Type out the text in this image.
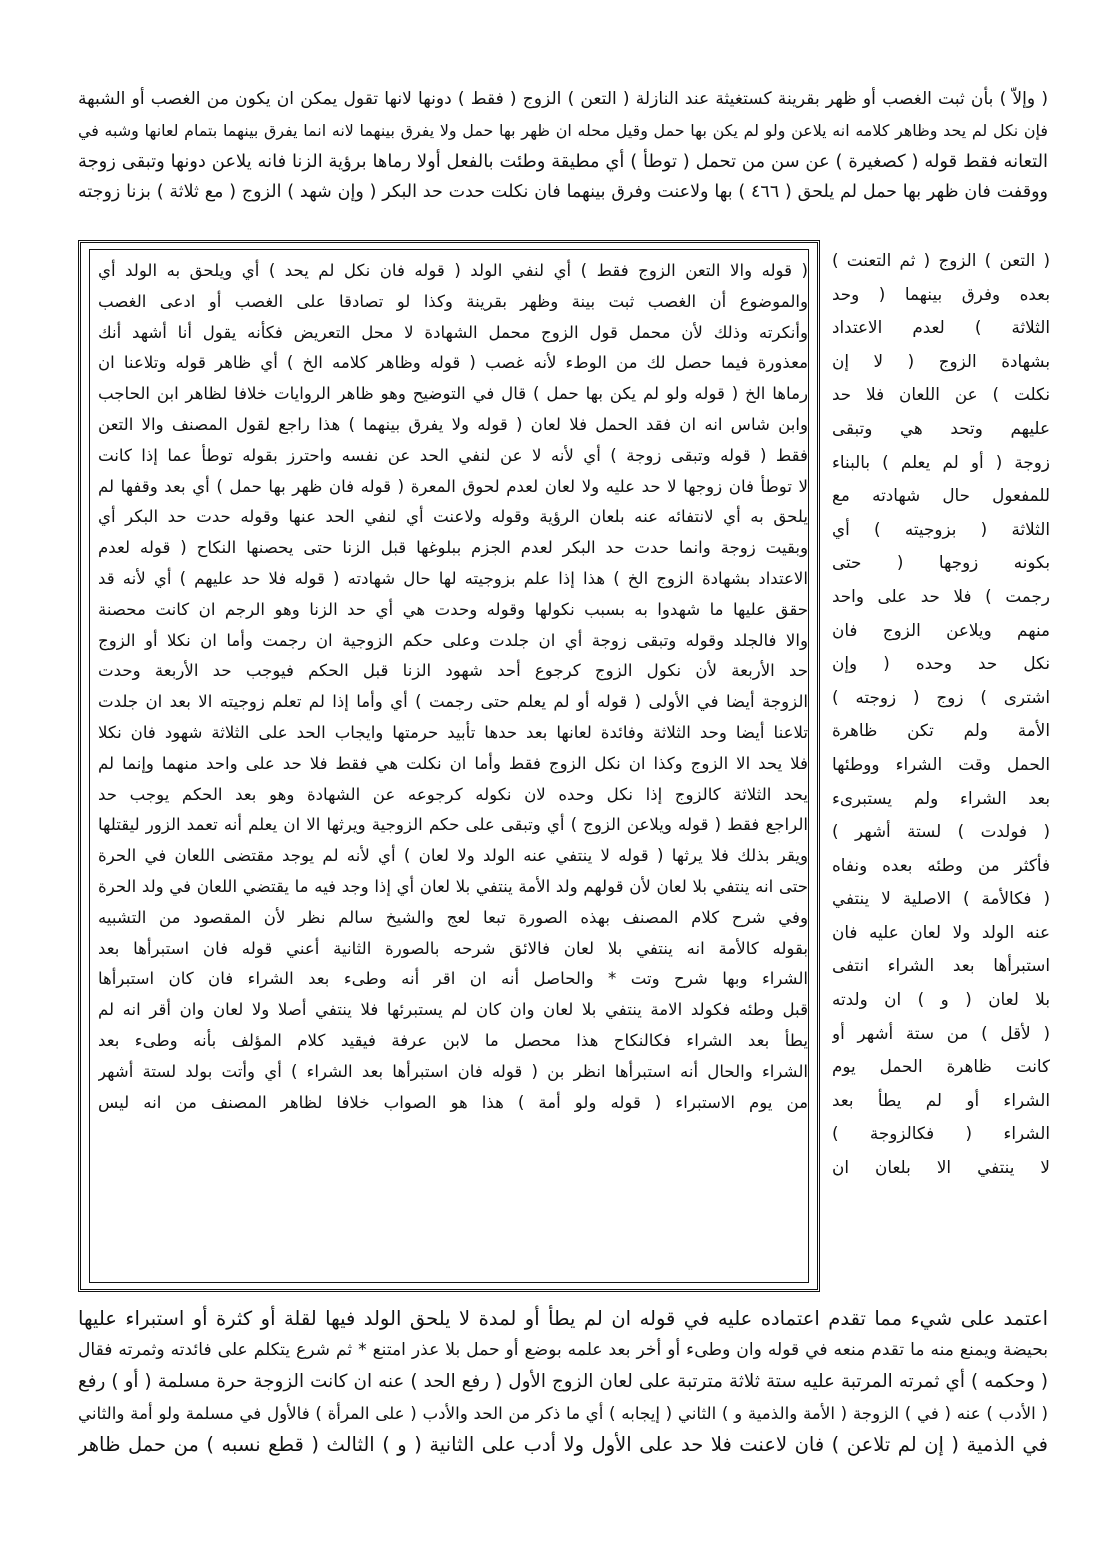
( وإلاّ ) بأن ثبت الغصب أو ظهر بقرينة كستغيثة عند النازلة ( التعن ) الزوج ( فقط ) دونها لانها تقول يمكن ان يكون من الغصب أو الشبهة
فإن نكل لم يحد وظاهر كلامه انه يلاعن ولو لم يكن بها حمل وقيل محله ان ظهر بها حمل ولا يفرق بينهما لانه انما يفرق بينهما بتمام لعانها وشبه في
التعانه فقط قوله ( كصغيرة ) عن سن من تحمل ( توطأ ) أي مطيقة وطئت بالفعل أولا رماها برؤية الزنا فانه يلاعن دونها وتبقى زوجة
ووقفت فان ظهر بها حمل لم يلحق ( ٤٦٦ ) بها ولاعنت وفرق بينهما فان نكلت حدت حد البكر ( وإن شهد ) الزوج ( مع ثلاثة ) بزنا زوجته
( قوله والا التعن الزوج فقط ) أي لنفي الولد ( قوله فان نكل لم يحد ) أي ويلحق به الولد أي
والموضوع أن الغصب ثبت بينة وظهر بقرينة وكذا لو تصادقا على الغصب أو ادعى الغصب
وأنكرته وذلك لأن محمل قول الزوج محمل الشهادة لا محل التعريض فكأنه يقول أنا أشهد أنك
معذورة فيما حصل لك من الوطء لأنه غصب ( قوله وظاهر كلامه الخ ) أي ظاهر قوله وتلاعنا ان
رماها الخ ( قوله ولو لم يكن بها حمل ) قال في التوضيح وهو ظاهر الروايات خلافا لظاهر ابن الحاجب
وابن شاس انه ان فقد الحمل فلا لعان ( قوله ولا يفرق بينهما ) هذا راجع لقول المصنف والا التعن
فقط ( قوله وتبقى زوجة ) أي لأنه لا عن لنفي الحد عن نفسه واحترز بقوله توطأ عما إذا كانت
لا توطأ فان زوجها لا حد عليه ولا لعان لعدم لحوق المعرة ( قوله فان ظهر بها حمل ) أي بعد وقفها لم
يلحق به أي لانتفائه عنه بلعان الرؤية وقوله ولاعنت أي لنفي الحد عنها وقوله حدت حد البكر أي
وبقيت زوجة وانما حدت حد البكر لعدم الجزم ببلوغها قبل الزنا حتى يحصنها النكاح ( قوله لعدم
الاعتداد بشهادة الزوج الخ ) هذا إذا علم بزوجيته لها حال شهادته ( قوله فلا حد عليهم ) أي لأنه قد
حقق عليها ما شهدوا به بسبب نكولها وقوله وحدت هي أي حد الزنا وهو الرجم ان كانت محصنة
والا فالجلد وقوله وتبقى زوجة أي ان جلدت وعلى حكم الزوجية ان رجمت وأما ان نكلا أو الزوج
حد الأربعة لأن نكول الزوج كرجوع أحد شهود الزنا قبل الحكم فيوجب حد الأربعة وحدت
الزوجة أيضا في الأولى ( قوله أو لم يعلم حتى رجمت ) أي وأما إذا لم تعلم زوجيته الا بعد ان جلدت
تلاعنا أيضا وحد الثلاثة وفائدة لعانها بعد حدها تأبيد حرمتها وايجاب الحد على الثلاثة شهود فان نكلا
فلا يحد الا الزوج وكذا ان نكل الزوج فقط وأما ان نكلت هي فقط فلا حد على واحد منهما وإنما لم
يحد الثلاثة كالزوج إذا نكل وحده لان نكوله كرجوعه عن الشهادة وهو بعد الحكم يوجب حد
الراجع فقط ( قوله ويلاعن الزوج ) أي وتبقى على حكم الزوجية ويرثها الا ان يعلم أنه تعمد الزور ليقتلها
ويقر بذلك فلا يرثها ( قوله لا ينتفي عنه الولد ولا لعان ) أي لأنه لم يوجد مقتضى اللعان في الحرة
حتى انه ينتفي بلا لعان لأن قولهم ولد الأمة ينتفي بلا لعان أي إذا وجد فيه ما يقتضي اللعان في ولد الحرة
وفي شرح كلام المصنف بهذه الصورة تبعا لعج والشيخ سالم نظر لأن المقصود من التشبيه
بقوله كالأمة انه ينتفي بلا لعان فالائق شرحه بالصورة الثانية أعني قوله فان استبرأها بعد
الشراء وبها شرح وتت * والحاصل أنه ان اقر أنه وطىء بعد الشراء فان كان استبرأها
قبل وطئه فكولد الامة ينتفي بلا لعان وان كان لم يستبرئها فلا ينتفي أصلا ولا لعان وان أقر انه لم
يطأ بعد الشراء فكالنكاح هذا محصل ما لابن عرفة فيقيد كلام المؤلف بأنه وطىء بعد
الشراء والحال أنه استبرأها انظر بن ( قوله فان استبرأها بعد الشراء ) أي وأتت بولد لستة أشهر
من يوم الاستبراء ( قوله ولو أمة ) هذا هو الصواب خلافا لظاهر المصنف من انه ليس
( التعن ) الزوج ( ثم التعنت )
بعده وفرق بينهما ( وحد
الثلاثة ) لعدم الاعتداد
بشهادة الزوج ( لا إن
نكلت ) عن اللعان فلا حد
عليهم وتحد هي وتبقى
زوجة ( أو لم يعلم ) بالبناء
للمفعول حال شهادته مع
الثلاثة ( بزوجيته ) أي
بكونه زوجها ( حتى
رجمت ) فلا حد على واحد
منهم ويلاعن الزوج فان
نكل حد وحده ( وإن
اشترى ) زوج ( زوجته )
الأمة ولم تكن ظاهرة
الحمل وقت الشراء ووطئها
بعد الشراء ولم يستبرىء
( فولدت ) لستة أشهر )
فأكثر من وطئه بعده ونفاه
( فكالأمة ) الاصلية لا ينتفي
عنه الولد ولا لعان عليه فان
استبرأها بعد الشراء انتفى
بلا لعان ( و ) ان ولدته
( لأقل ) من ستة أشهر أو
كانت ظاهرة الحمل يوم
الشراء أو لم يطأ بعد
الشراء ( فكالزوجة )
لا ينتفي الا بلعان ان
اعتمد على شيء مما تقدم اعتماده عليه في قوله ان لم يطأ أو لمدة لا يلحق الولد فيها لقلة أو كثرة أو استبراء عليها
بحيضة ويمنع منه ما تقدم منعه في قوله وان وطىء أو أخر بعد علمه بوضع أو حمل بلا عذر امتنع * ثم شرع يتكلم على فائدته وثمرته فقال
( وحكمه ) أي ثمرته المرتبة عليه ستة ثلاثة مترتبة على لعان الزوج الأول ( رفع الحد ) عنه ان كانت الزوجة حرة مسلمة ( أو ) رفع
( الأدب ) عنه ( في ) الزوجة ( الأمة والذمية و ) الثاني ( إيجابه ) أي ما ذكر من الحد والأدب ( على المرأة ) فالأول في مسلمة ولو أمة والثاني
في الذمية ( إن لم تلاعن ) فان لاعنت فلا حد على الأول ولا أدب على الثانية ( و ) الثالث ( قطع نسبه ) من حمل ظاهر
